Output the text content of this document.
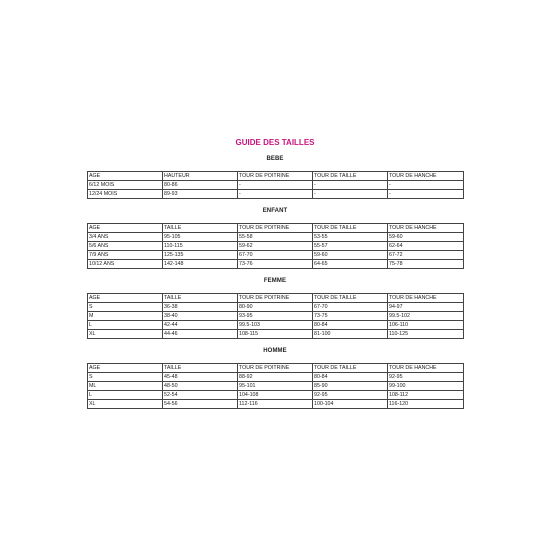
GUIDE DES TAILLES
BEBE
AGE	HAUTEUR	TOUR DE POITRINE	TOUR DE TAILLE	TOUR DE HANCHE
6/12 MOIS	80-86	-	-	-
12/24 MOIS	89-93	-	-	-
ENFANT
AGE	TAILLE	TOUR DE POITRINE	TOUR DE TAILLE	TOUR DE HANCHE
3/4 ANS	95-105	55-58	53-55	59-60
5/6 ANS	110-115	59-62	55-57	62-64
7/9 ANS	125-135	67-70	59-60	67-72
10/12 ANS	142-148	73-76	64-65	75-78
FEMME
AGE	TAILLE	TOUR DE POITRINE	TOUR DE TAILLE	TOUR DE HANCHE
S	36-38	80-90	67-70	94-97
M	38-40	93-95	73-75	99.5-102
L	42-44	99.5-103	80-84	106-110
XL	44-46	108-115	81-100	110-125
HOMME
AGE	TAILLE	TOUR DE POITRINE	TOUR DE TAILLE	TOUR DE HANCHE
S	45-48	88-92	80-84	92-95
ML	48-50	95-101	85-90	99-100
L	52-54	104-108	92-95	108-112
XL	54-56	112-116	100-104	116-120
